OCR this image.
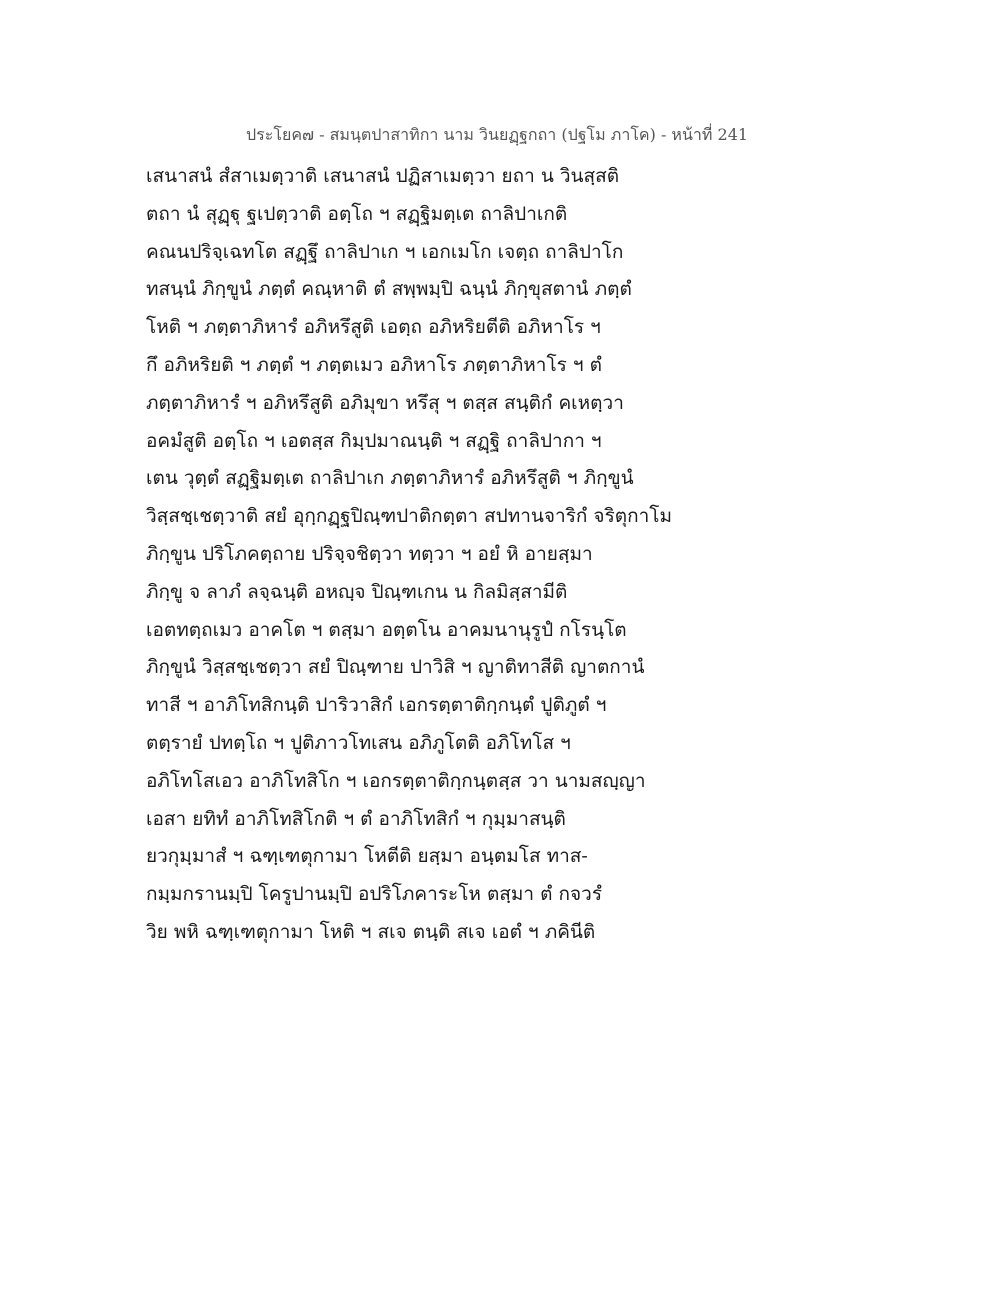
ประโยค๗ - สมนฺตปาสาทิกา นาม วินยฏฺฐกถา (ปฐโม ภาโค) - หน้าที่ 241
เสนาสนํ สํสาเมตฺวาติ เสนาสนํ ปฏิสาเมตฺวา ยถา น วินสฺสติ
ตถา นํ สุฏฺฐุ ฐเปตฺวาติ อตฺโถ ฯ สฏฺฐิมตฺเต ถาลิปาเกติ
คณนปริจฺเฉทโต สฏฺฐึ ถาลิปาเก ฯ เอกเมโก เจตฺถ ถาลิปาโก
ทสนฺนํ ภิกฺขูนํ ภตฺตํ คณฺหาติ ตํ สพฺพมฺปิ ฉนฺนํ ภิกฺขุสตานํ ภตฺตํ
โหติ ฯ ภตฺตาภิหารํ อภิหรึสูติ เอตฺถ อภิหริยตีติ อภิหาโร ฯ
กึ อภิหริยติ ฯ ภตฺตํ ฯ ภตฺตเมว อภิหาโร ภตฺตาภิหาโร ฯ ตํ
ภตฺตาภิหารํ ฯ อภิหรึสูติ อภิมุขา หรึสุ ฯ ตสฺส สนฺติกํ คเหตฺวา
อคมํสูติ อตฺโถ ฯ เอตสฺส กิมฺปมาณนฺติ ฯ สฏฺฐิ ถาลิปากา ฯ
เตน วุตฺตํ สฏฺฐิมตฺเต ถาลิปาเก ภตฺตาภิหารํ อภิหรึสูติ ฯ ภิกฺขูนํ
วิสฺสชฺเชตฺวาติ สยํ อุกฺกฏฺฐปิณฺฑปาติกตฺตา สปทานจาริกํ จริตุกาโม
ภิกฺขูน ปริโภคตฺถาย ปริจฺจชิตฺวา ทตฺวา ฯ อยํ หิ อายสฺมา
ภิกฺขู จ ลาภํ ลจฺฉนฺติ อหญฺจ ปิณฺฑเกน น กิลมิสฺสามีติ
เอตทตฺถเมว อาคโต ฯ ตสฺมา อตฺตโน อาคมนานุรูปํ กโรนฺโต
ภิกฺขูนํ วิสฺสชฺเชตฺวา สยํ ปิณฺฑาย ปาวิสิ ฯ ญาติทาสีติ ญาตกานํ
ทาสี ฯ อาภิโทสิกนฺติ ปาริวาสิกํ เอกรตฺตาติกฺกนฺตํ ปูติภูตํ ฯ
ตตฺรายํ ปทตฺโถ ฯ ปูติภาวโทเสน อภิภูโตติ อภิโทโส ฯ
อภิโทโสเอว อาภิโทสิโก ฯ เอกรตฺตาติกฺกนฺตสฺส วา นามสญฺญา
เอสา ยทิทํ อาภิโทสิโกติ ฯ ตํ อาภิโทสิกํ ฯ กุมฺมาสนฺติ
ยวกุมฺมาสํ ฯ ฉฑฺเฑตุกามา โหตีติ ยสฺมา อนฺตมโส ทาส-
กมฺมกรานมฺปิ โครูปานมฺปิ อปริโภคาระโห ตสฺมา ตํ กจวรํ
วิย พหิ ฉฑฺเฑตุกามา โหติ ฯ สเจ ตนฺติ สเจ เอตํ ฯ ภคินีติ
